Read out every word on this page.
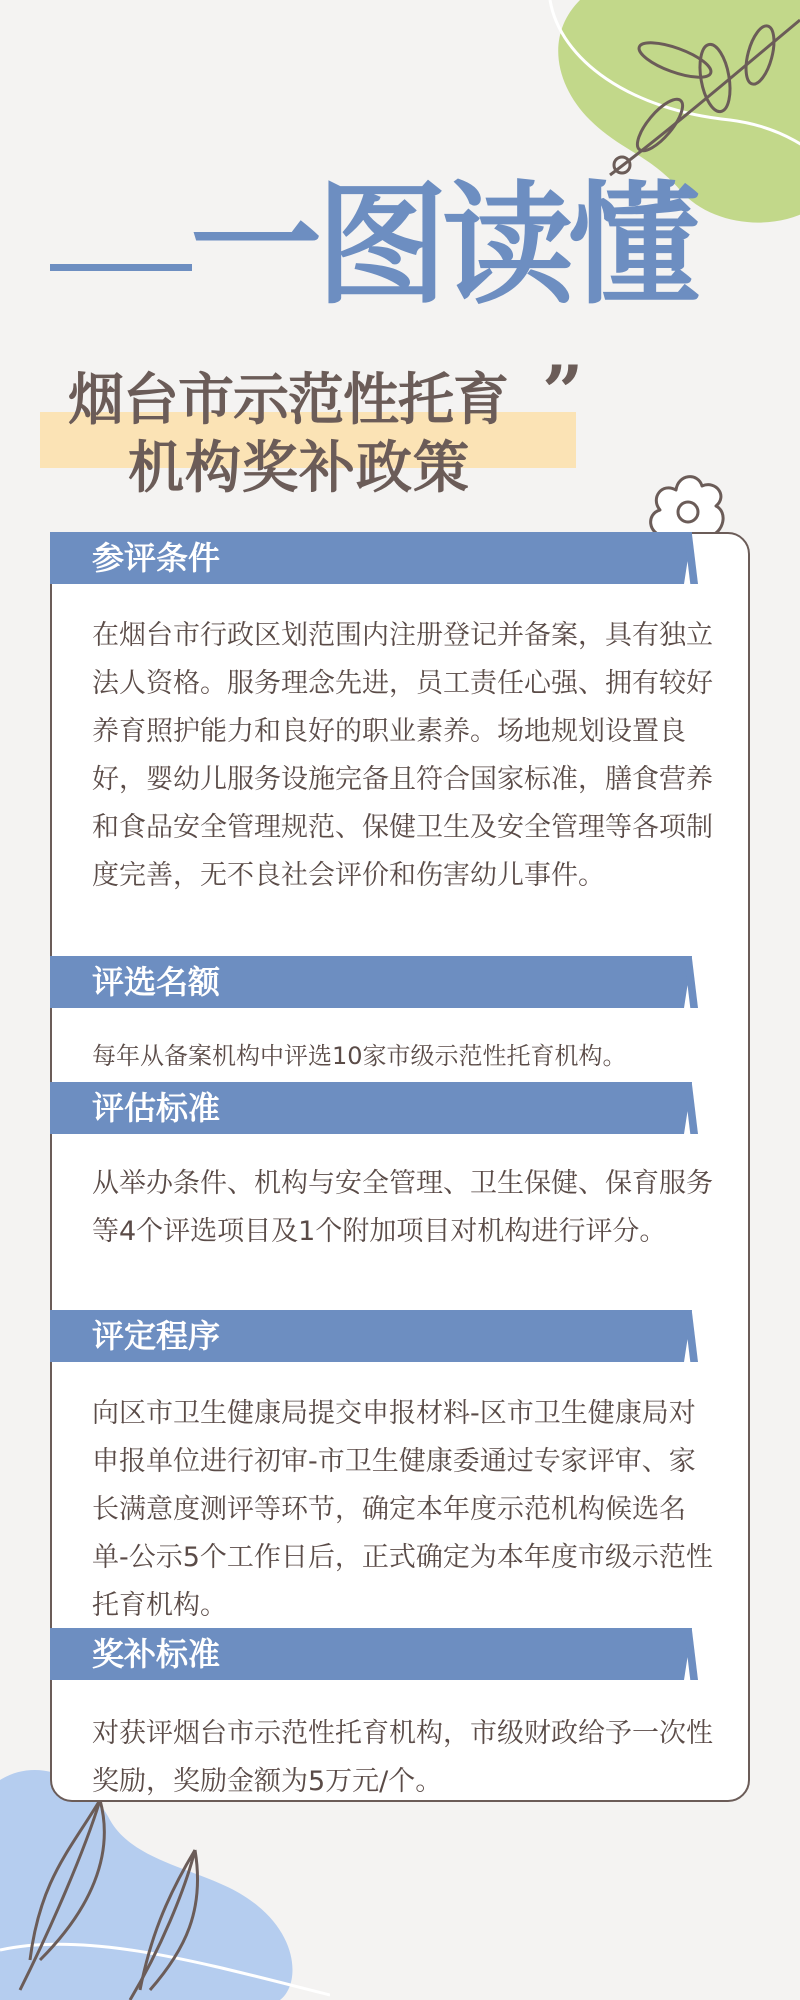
一图读懂
烟台市示范性托育 ”
机构奖补政策
参评条件

在烟台市行政区划范围内注册登记并备案，具有独立法人资格。服务理念先进，员工责任心强、拥有较好养育照护能力和良好的职业素养。场地规划设置良好，婴幼儿服务设施完备且符合国家标准，膳食营养和食品安全管理规范、保健卫生及安全管理等各项制度完善，无不良社会评价和伤害幼儿事件。

评选名额

每年从备案机构中评选10家市级示范性托育机构。

评估标准

从举办条件、机构与安全管理、卫生保健、保育服务等4个评选项目及1个附加项目对机构进行评分。

评定程序

向区市卫生健康局提交申报材料-区市卫生健康局对申报单位进行初审-市卫生健康委通过专家评审、家长满意度测评等环节，确定本年度示范机构候选名单-公示5个工作日后，正式确定为本年度市级示范性托育机构。

奖补标准

对获评烟台市示范性托育机构，市级财政给予一次性奖励，奖励金额为5万元/个。
